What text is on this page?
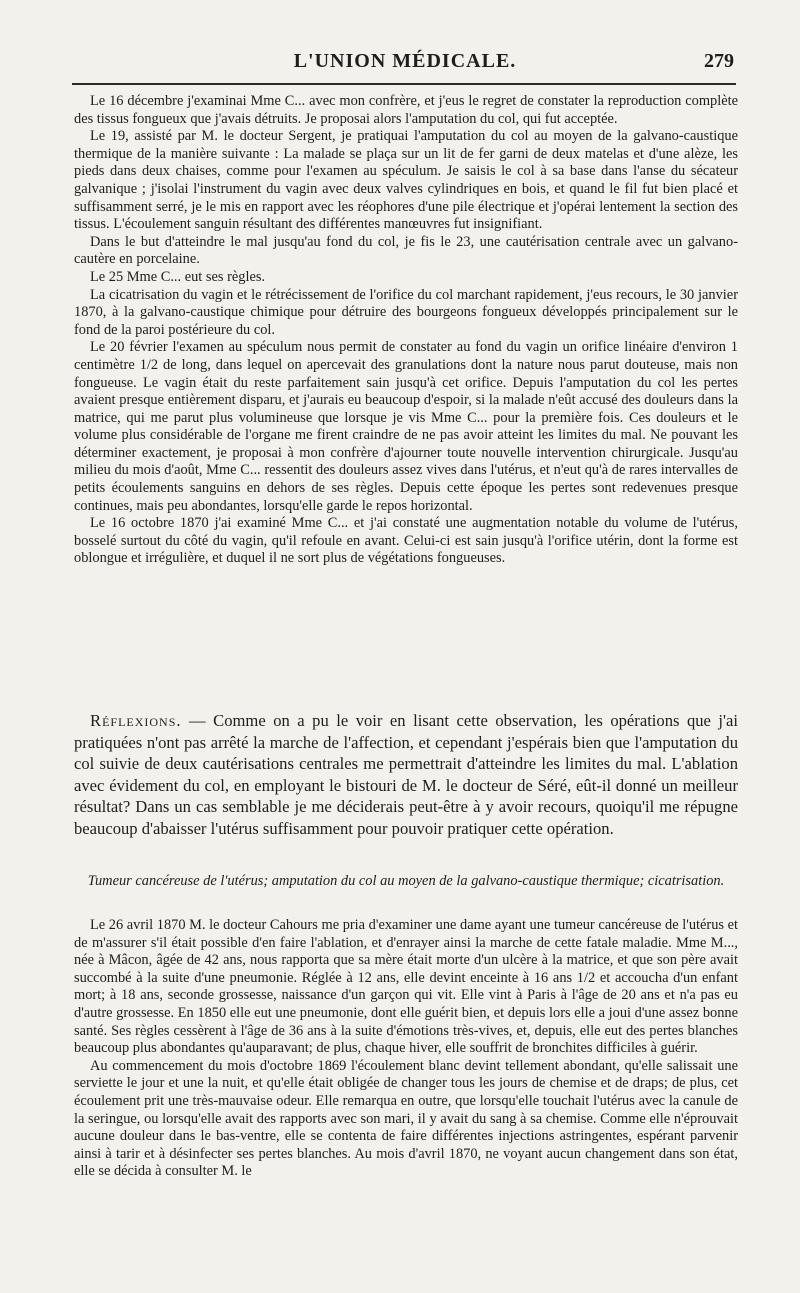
L'UNION MÉDICALE.	279

Le 16 décembre j'examinai Mme C... avec mon confrère, et j'eus le regret de constater la reproduction complète des tissus fongueux que j'avais détruits. Je proposai alors l'amputation du col, qui fut acceptée.

Le 19, assisté par M. le docteur Sergent, je pratiquai l'amputation du col au moyen de la galvano-caustique thermique de la manière suivante : La malade se plaça sur un lit de fer garni de deux matelas et d'une alèze, les pieds dans deux chaises, comme pour l'examen au spéculum. Je saisis le col à sa base dans l'anse du sécateur galvanique ; j'isolai l'instrument du vagin avec deux valves cylindriques en bois, et quand le fil fut bien placé et suffisamment serré, je le mis en rapport avec les réophores d'une pile électrique et j'opérai lentement la section des tissus. L'écoulement sanguin résultant des différentes manœuvres fut insignifiant.

Dans le but d'atteindre le mal jusqu'au fond du col, je fis le 23, une cautérisation centrale avec un galvano-cautère en porcelaine.

Le 25 Mme C... eut ses règles.

La cicatrisation du vagin et le rétrécissement de l'orifice du col marchant rapidement, j'eus recours, le 30 janvier 1870, à la galvano-caustique chimique pour détruire des bourgeons fongueux développés principalement sur le fond de la paroi postérieure du col.

Le 20 février l'examen au spéculum nous permit de constater au fond du vagin un orifice linéaire d'environ 1 centimètre 1/2 de long, dans lequel on apercevait des granulations dont la nature nous parut douteuse, mais non fongueuse. Le vagin était du reste parfaitement sain jusqu'à cet orifice. Depuis l'amputation du col les pertes avaient presque entièrement disparu, et j'aurais eu beaucoup d'espoir, si la malade n'eût accusé des douleurs dans la matrice, qui me parut plus volumineuse que lorsque je vis Mme C... pour la première fois. Ces douleurs et le volume plus considérable de l'organe me firent craindre de ne pas avoir atteint les limites du mal. Ne pouvant les déterminer exactement, je proposai à mon confrère d'ajourner toute nouvelle intervention chirurgicale. Jusqu'au milieu du mois d'août, Mme C... ressentit des douleurs assez vives dans l'utérus, et n'eut qu'à de rares intervalles de petits écoulements sanguins en dehors de ses règles. Depuis cette époque les pertes sont redevenues presque continues, mais peu abondantes, lorsqu'elle garde le repos horizontal.

Le 16 octobre 1870 j'ai examiné Mme C... et j'ai constaté une augmentation notable du volume de l'utérus, bosselé surtout du côté du vagin, qu'il refoule en avant. Celui-ci est sain jusqu'à l'orifice utérin, dont la forme est oblongue et irrégulière, et duquel il ne sort plus de végétations fongueuses.

Réflexions. — Comme on a pu le voir en lisant cette observation, les opérations que j'ai pratiquées n'ont pas arrêté la marche de l'affection, et cependant j'espérais bien que l'amputation du col suivie de deux cautérisations centrales me permettrait d'atteindre les limites du mal. L'ablation avec évidement du col, en employant le bistouri de M. le docteur de Séré, eût-il donné un meilleur résultat? Dans un cas semblable je me déciderais peut-être à y avoir recours, quoiqu'il me répugne beaucoup d'abaisser l'utérus suffisamment pour pouvoir pratiquer cette opération.

Tumeur cancéreuse de l'utérus; amputation du col au moyen de la galvano-caustique thermique; cicatrisation.

Le 26 avril 1870 M. le docteur Cahours me pria d'examiner une dame ayant une tumeur cancéreuse de l'utérus et de m'assurer s'il était possible d'en faire l'ablation, et d'enrayer ainsi la marche de cette fatale maladie. Mme M..., née à Mâcon, âgée de 42 ans, nous rapporta que sa mère était morte d'un ulcère à la matrice, et que son père avait succombé à la suite d'une pneumonie. Réglée à 12 ans, elle devint enceinte à 16 ans 1/2 et accoucha d'un enfant mort; à 18 ans, seconde grossesse, naissance d'un garçon qui vit. Elle vint à Paris à l'âge de 20 ans et n'a pas eu d'autre grossesse. En 1850 elle eut une pneumonie, dont elle guérit bien, et depuis lors elle a joui d'une assez bonne santé. Ses règles cessèrent à l'âge de 36 ans à la suite d'émotions très-vives, et, depuis, elle eut des pertes blanches beaucoup plus abondantes qu'auparavant; de plus, chaque hiver, elle souffrit de bronchites difficiles à guérir.

Au commencement du mois d'octobre 1869 l'écoulement blanc devint tellement abondant, qu'elle salissait une serviette le jour et une la nuit, et qu'elle était obligée de changer tous les jours de chemise et de draps; de plus, cet écoulement prit une très-mauvaise odeur. Elle remarqua en outre, que lorsqu'elle touchait l'utérus avec la canule de la seringue, ou lorsqu'elle avait des rapports avec son mari, il y avait du sang à sa chemise. Comme elle n'éprouvait aucune douleur dans le bas-ventre, elle se contenta de faire différentes injections astringentes, espérant parvenir ainsi à tarir et à désinfecter ses pertes blanches. Au mois d'avril 1870, ne voyant aucun changement dans son état, elle se décida à consulter M. le
